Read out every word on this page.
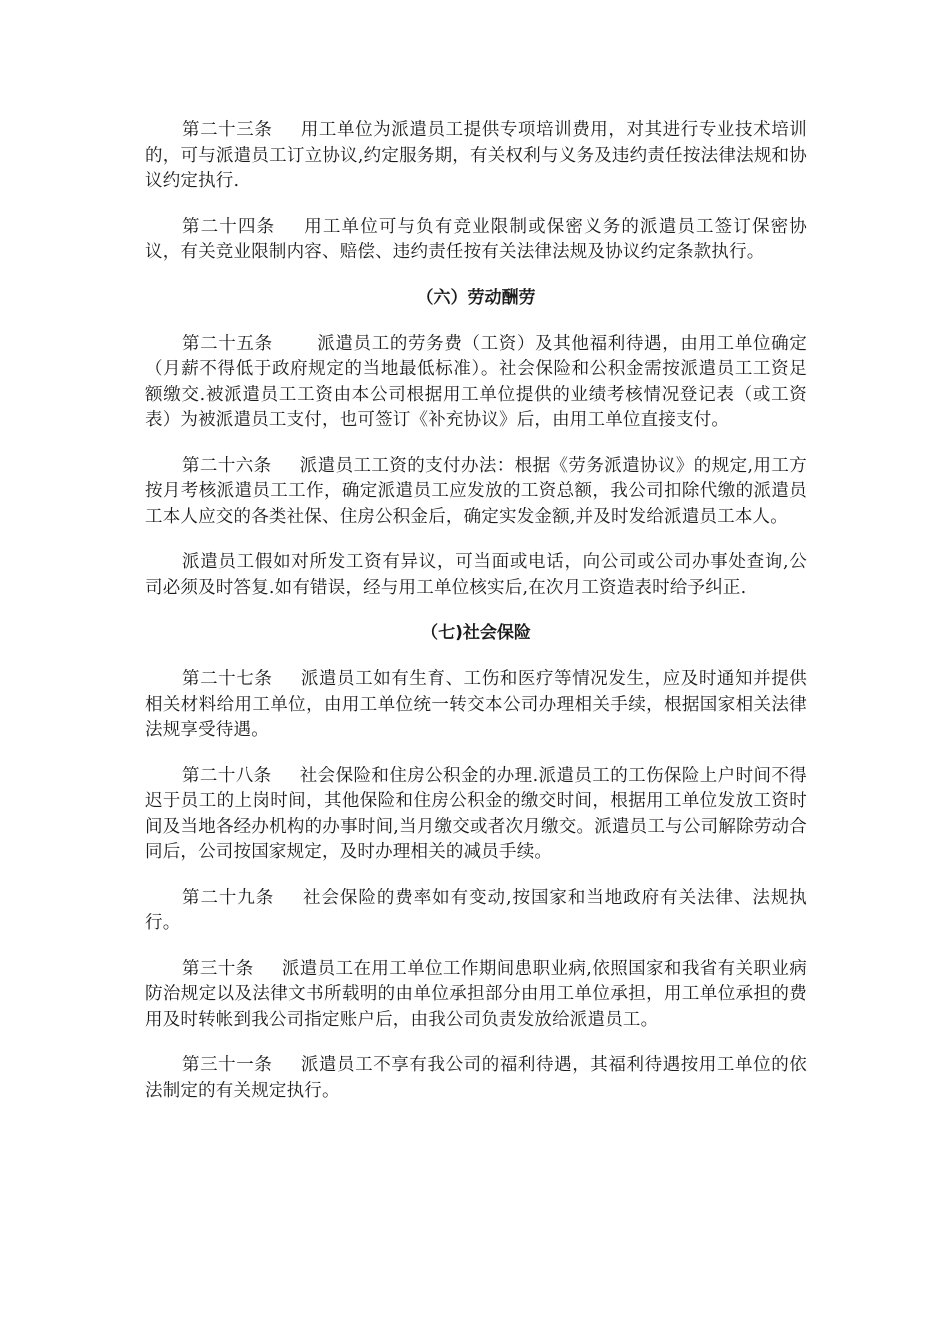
第二十三条 用工单位为派遣员工提供专项培训费用，对其进行专业技术培训的，可与派遣员工订立协议,约定服务期，有关权利与义务及违约责任按法律法规和协议约定执行.

第二十四条 用工单位可与负有竞业限制或保密义务的派遣员工签订保密协议，有关竞业限制内容、赔偿、违约责任按有关法律法规及协议约定条款执行。

（六）劳动酬劳

第二十五条	派遣员工的劳务费（工资）及其他福利待遇，由用工单位确定（月薪不得低于政府规定的当地最低标准）。社会保险和公积金需按派遣员工工资足额缴交.被派遣员工工资由本公司根据用工单位提供的业绩考核情况登记表（或工资表）为被派遣员工支付，也可签订《补充协议》后，由用工单位直接支付。

第二十六条 派遣员工工资的支付办法：根据《劳务派遣协议》的规定,用工方按月考核派遣员工工作，确定派遣员工应发放的工资总额，我公司扣除代缴的派遣员工本人应交的各类社保、住房公积金后，确定实发金额,并及时发给派遣员工本人。

派遣员工假如对所发工资有异议，可当面或电话，向公司或公司办事处查询,公司必须及时答复.如有错误，经与用工单位核实后,在次月工资造表时给予纠正.

（七)社会保险

第二十七条 派遣员工如有生育、工伤和医疗等情况发生，应及时通知并提供相关材料给用工单位，由用工单位统一转交本公司办理相关手续，根据国家相关法律法规享受待遇。

第二十八条 社会保险和住房公积金的办理.派遣员工的工伤保险上户时间不得迟于员工的上岗时间，其他保险和住房公积金的缴交时间，根据用工单位发放工资时间及当地各经办机构的办事时间,当月缴交或者次月缴交。派遣员工与公司解除劳动合同后，公司按国家规定，及时办理相关的减员手续。

第二十九条 社会保险的费率如有变动,按国家和当地政府有关法律、法规执行。

第三十条 派遣员工在用工单位工作期间患职业病,依照国家和我省有关职业病防治规定以及法律文书所载明的由单位承担部分由用工单位承担，用工单位承担的费用及时转帐到我公司指定账户后，由我公司负责发放给派遣员工。

第三十一条 派遣员工不享有我公司的福利待遇，其福利待遇按用工单位的依法制定的有关规定执行。
